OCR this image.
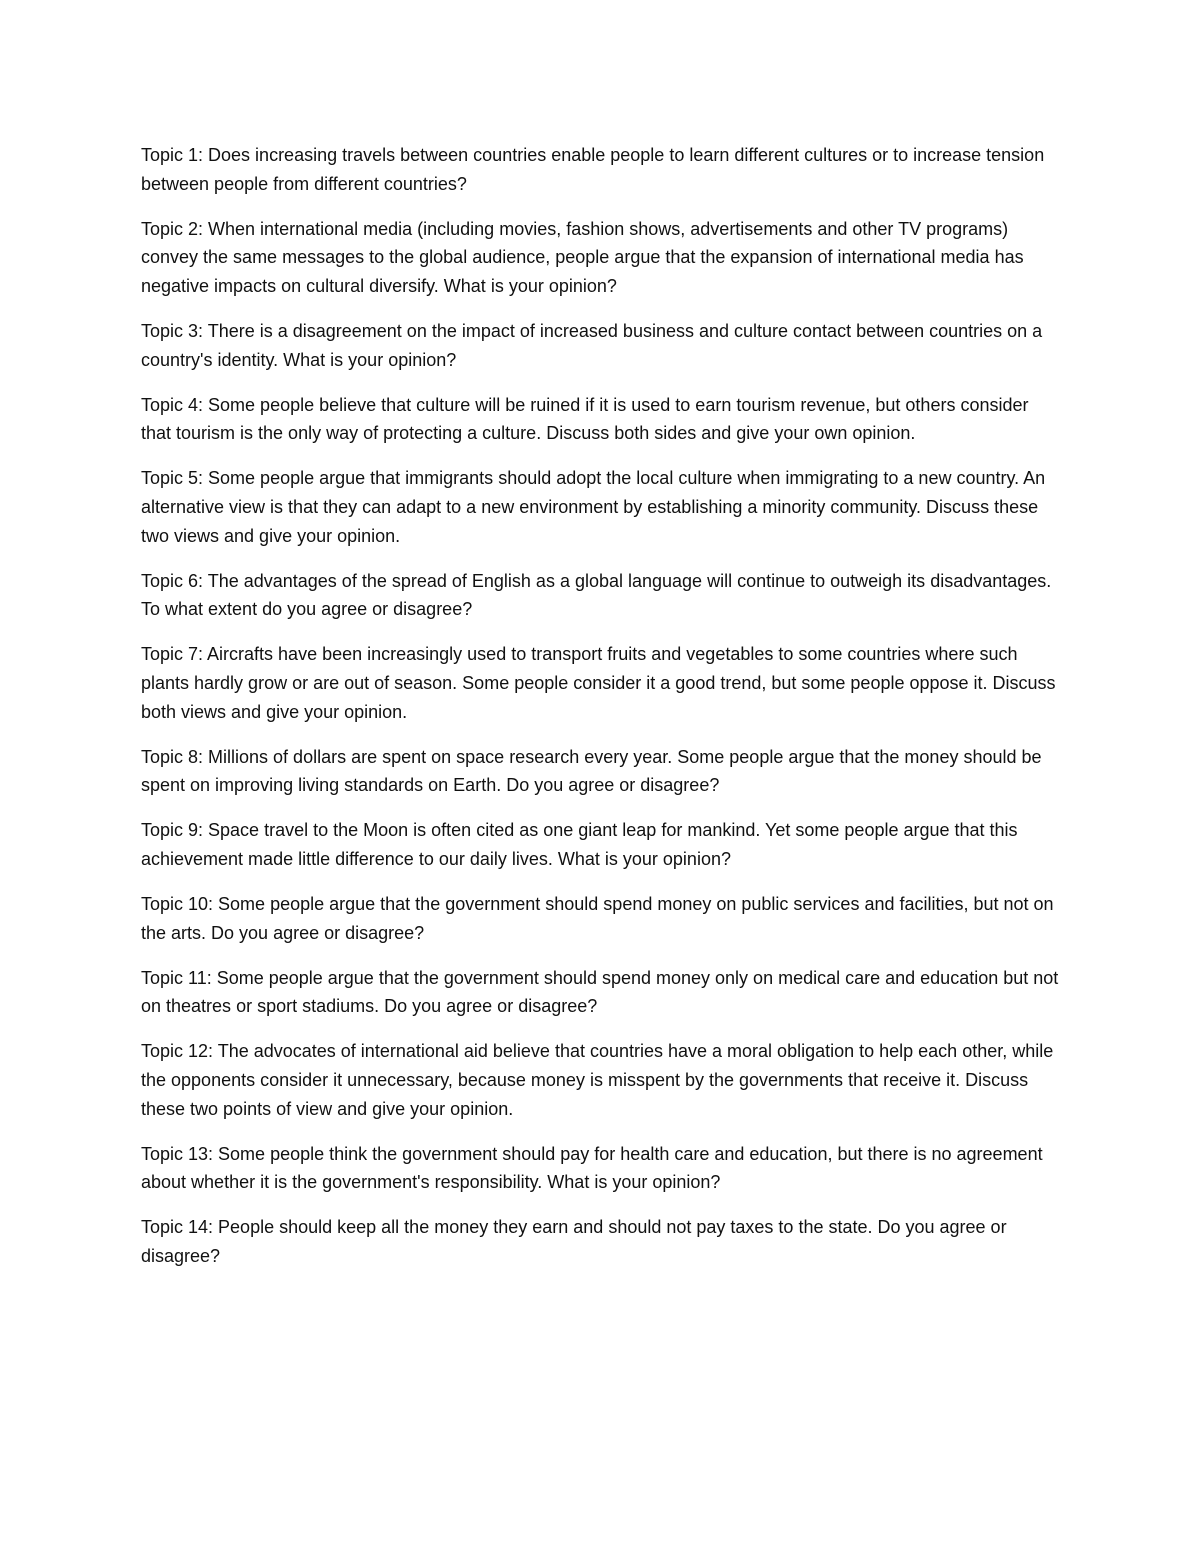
Topic 1: Does increasing travels between countries enable people to learn different cultures or to increase tension between people from different countries?

Topic 2: When international media (including movies, fashion shows, advertisements and other TV programs) convey the same messages to the global audience, people argue that the expansion of international media has negative impacts on cultural diversify. What is your opinion?

Topic 3: There is a disagreement on the impact of increased business and culture contact between countries on a country's identity. What is your opinion?

Topic 4: Some people believe that culture will be ruined if it is used to earn tourism revenue, but others consider that tourism is the only way of protecting a culture. Discuss both sides and give your own opinion.

Topic 5: Some people argue that immigrants should adopt the local culture when immigrating to a new country. An alternative view is that they can adapt to a new environment by establishing a minority community. Discuss these two views and give your opinion.

Topic 6: The advantages of the spread of English as a global language will continue to outweigh its disadvantages. To what extent do you agree or disagree?

Topic 7: Aircrafts have been increasingly used to transport fruits and vegetables to some countries where such plants hardly grow or are out of season. Some people consider it a good trend, but some people oppose it. Discuss both views and give your opinion.

Topic 8: Millions of dollars are spent on space research every year. Some people argue that the money should be spent on improving living standards on Earth. Do you agree or disagree?

Topic 9: Space travel to the Moon is often cited as one giant leap for mankind. Yet some people argue that this achievement made little difference to our daily lives. What is your opinion?

Topic 10: Some people argue that the government should spend money on public services and facilities, but not on the arts. Do you agree or disagree?

Topic 11: Some people argue that the government should spend money only on medical care and education but not on theatres or sport stadiums. Do you agree or disagree?

Topic 12: The advocates of international aid believe that countries have a moral obligation to help each other, while the opponents consider it unnecessary, because money is misspent by the governments that receive it. Discuss these two points of view and give your opinion.

Topic 13: Some people think the government should pay for health care and education, but there is no agreement about whether it is the government's responsibility. What is your opinion?

Topic 14: People should keep all the money they earn and should not pay taxes to the state. Do you agree or disagree?
